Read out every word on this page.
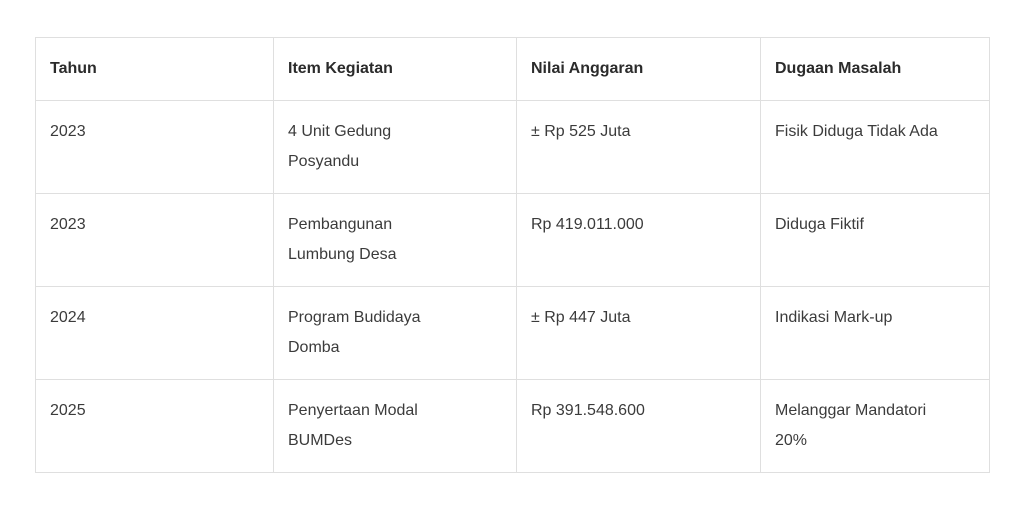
Tahun	Item Kegiatan	Nilai Anggaran	Dugaan Masalah
2023	4 Unit Gedung Posyandu	± Rp 525 Juta	Fisik Diduga Tidak Ada

2023	Pembangunan Lumbung Desa	Rp 419.011.000	Diduga Fiktif

2024	Program Budidaya Domba	± Rp 447 Juta	Indikasi Mark-up

2025	Penyertaan Modal BUMDes	Rp 391.548.600	Melanggar Mandatori 20%
